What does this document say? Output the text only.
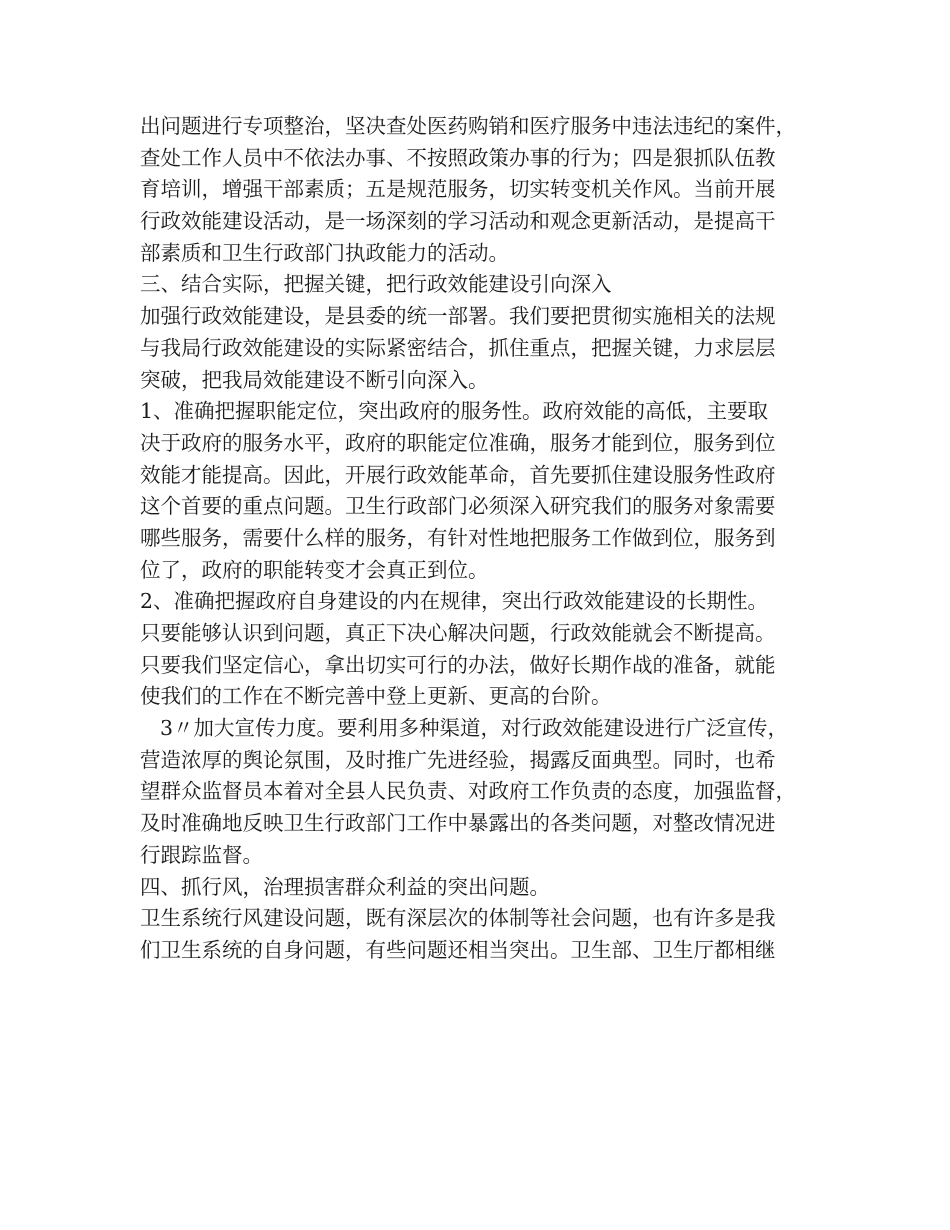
出问题进行专项整治，坚决查处医药购销和医疗服务中违法违纪的案件，
查处工作人员中不依法办事、不按照政策办事的行为；四是狠抓队伍教
育培训，增强干部素质；五是规范服务，切实转变机关作风。当前开展
行政效能建设活动，是一场深刻的学习活动和观念更新活动，是提高干
部素质和卫生行政部门执政能力的活动。
三、结合实际，把握关键，把行政效能建设引向深入
加强行政效能建设，是县委的统一部署。我们要把贯彻实施相关的法规
与我局行政效能建设的实际紧密结合，抓住重点，把握关键，力求层层
突破，把我局效能建设不断引向深入。
1、准确把握职能定位，突出政府的服务性。政府效能的高低，主要取
决于政府的服务水平，政府的职能定位准确，服务才能到位，服务到位
效能才能提高。因此，开展行政效能革命，首先要抓住建设服务性政府
这个首要的重点问题。卫生行政部门必须深入研究我们的服务对象需要
哪些服务，需要什么样的服务，有针对性地把服务工作做到位，服务到
位了，政府的职能转变才会真正到位。
2、准确把握政府自身建设的内在规律，突出行政效能建设的长期性。
只要能够认识到问题，真正下决心解决问题，行政效能就会不断提高。
只要我们坚定信心，拿出切实可行的办法，做好长期作战的准备，就能
使我们的工作在不断完善中登上更新、更高的台阶。
3〃加大宣传力度。要利用多种渠道，对行政效能建设进行广泛宣传，
营造浓厚的舆论氛围，及时推广先进经验，揭露反面典型。同时，也希
望群众监督员本着对全县人民负责、对政府工作负责的态度，加强监督，
及时准确地反映卫生行政部门工作中暴露出的各类问题，对整改情况进
行跟踪监督。
四、抓行风，治理损害群众利益的突出问题。
卫生系统行风建设问题，既有深层次的体制等社会问题，也有许多是我
们卫生系统的自身问题，有些问题还相当突出。卫生部、卫生厅都相继
